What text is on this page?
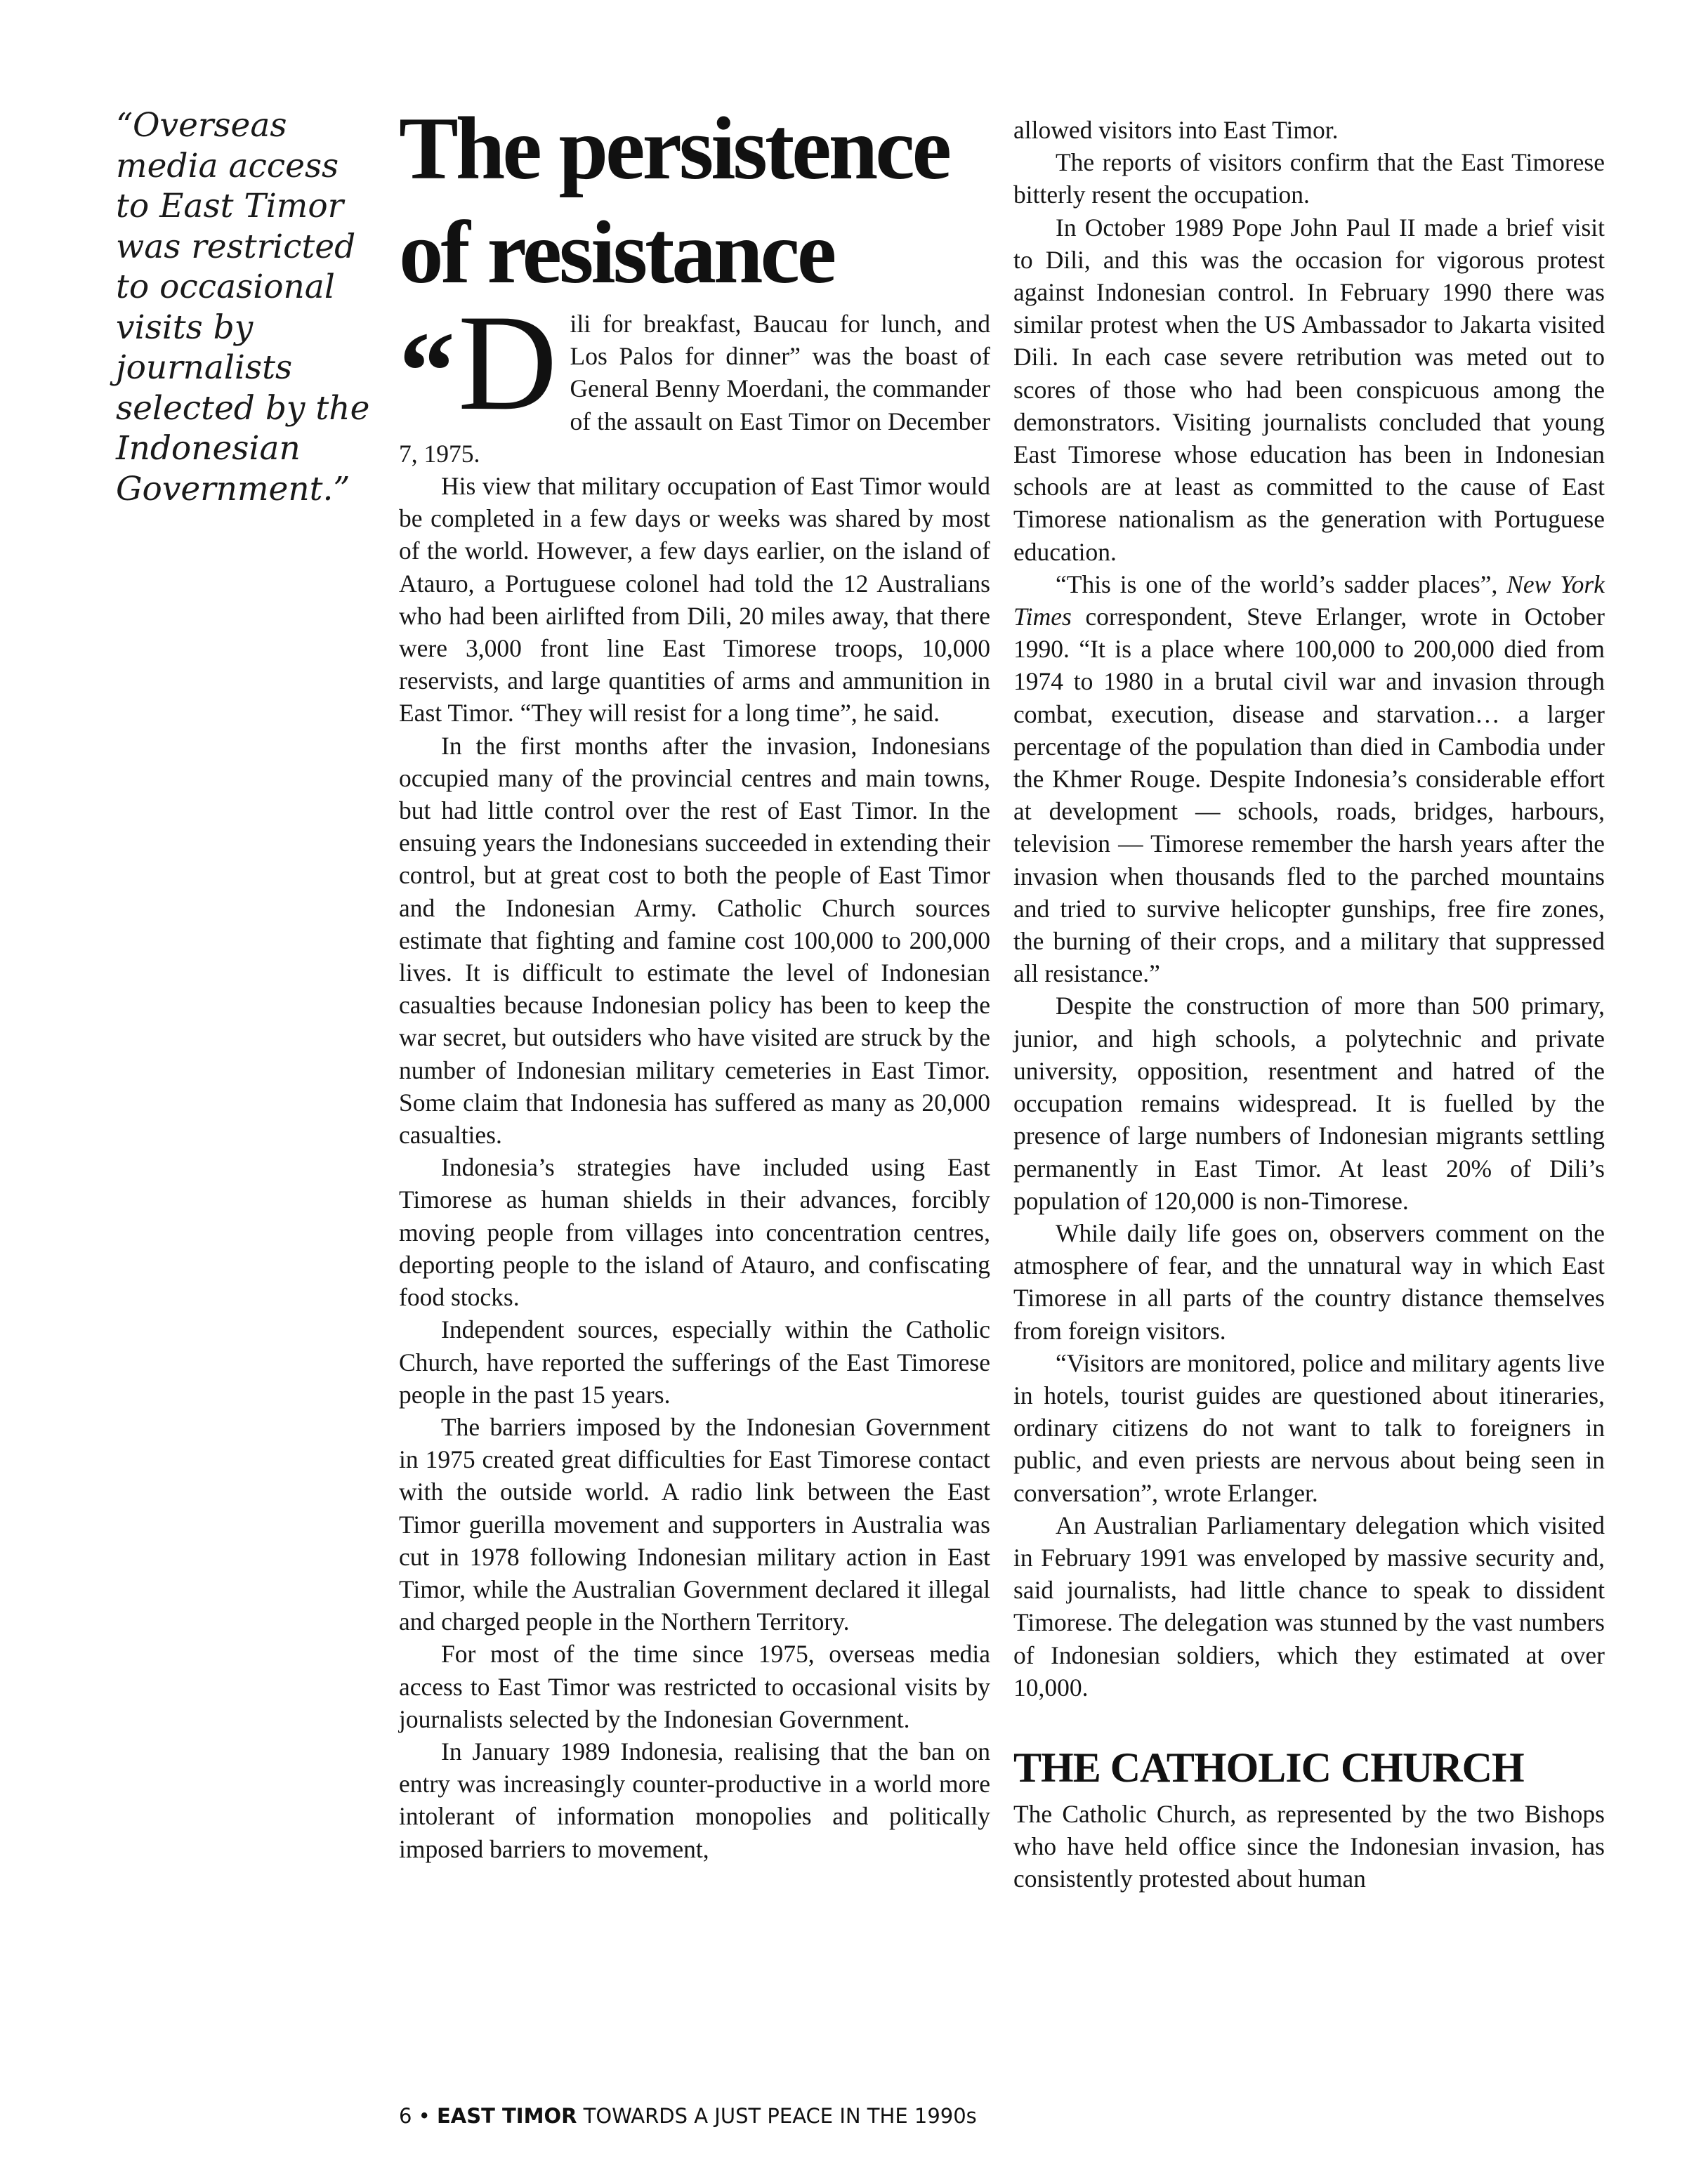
“Overseas media access to East Timor was restricted to occasional visits by journalists selected by the Indonesian Government.”

The persistence of resistance

“D ili for breakfast, Baucau for lunch, and Los Palos for dinner” was the boast of General Benny Moerdani, the commander of the assault on East Timor on December 7, 1975.

His view that military occupation of East Timor would be completed in a few days or weeks was shared by most of the world. However, a few days earlier, on the island of Atauro, a Portuguese colonel had told the 12 Australians who had been airlifted from Dili, 20 miles away, that there were 3,000 front line East Timorese troops, 10,000 reservists, and large quantities of arms and ammunition in East Timor. “They will resist for a long time”, he said.

In the first months after the invasion, Indonesians occupied many of the provincial centres and main towns, but had little control over the rest of East Timor. In the ensuing years the Indonesians succeeded in extending their control, but at great cost to both the people of East Timor and the Indonesian Army. Catholic Church sources estimate that fighting and famine cost 100,000 to 200,000 lives. It is difficult to estimate the level of Indonesian casualties because Indonesian policy has been to keep the war secret, but outsiders who have visited are struck by the number of Indonesian military cemeteries in East Timor. Some claim that Indonesia has suffered as many as 20,000 casualties.

Indonesia’s strategies have included using East Timorese as human shields in their advances, forcibly moving people from villages into concentration centres, deporting people to the island of Atauro, and confiscating food stocks.

Independent sources, especially within the Catholic Church, have reported the sufferings of the East Timorese people in the past 15 years.

The barriers imposed by the Indonesian Government in 1975 created great difficulties for East Timorese contact with the outside world. A radio link between the East Timor guerilla movement and supporters in Australia was cut in 1978 following Indonesian military action in East Timor, while the Australian Government declared it illegal and charged people in the Northern Territory.

For most of the time since 1975, overseas media access to East Timor was restricted to occasional visits by journalists selected by the Indonesian Government.

In January 1989 Indonesia, realising that the ban on entry was increasingly counter-productive in a world more intolerant of information monopolies and politically imposed barriers to movement,

allowed visitors into East Timor.

The reports of visitors confirm that the East Timorese bitterly resent the occupation.

In October 1989 Pope John Paul II made a brief visit to Dili, and this was the occasion for vigorous protest against Indonesian control. In February 1990 there was similar protest when the US Ambassador to Jakarta visited Dili. In each case severe retribution was meted out to scores of those who had been conspicuous among the demonstrators. Visiting journalists concluded that young East Timorese whose education has been in Indonesian schools are at least as committed to the cause of East Timorese nationalism as the generation with Portuguese education.

“This is one of the world’s sadder places”, New York Times correspondent, Steve Erlanger, wrote in October 1990. “It is a place where 100,000 to 200,000 died from 1974 to 1980 in a brutal civil war and invasion through combat, execution, disease and starvation… a larger percentage of the population than died in Cambodia under the Khmer Rouge. Despite Indonesia’s considerable effort at development — schools, roads, bridges, harbours, television — Timorese remember the harsh years after the invasion when thousands fled to the parched mountains and tried to survive helicopter gunships, free fire zones, the burning of their crops, and a military that suppressed all resistance.”

Despite the construction of more than 500 primary, junior, and high schools, a polytechnic and private university, opposition, resentment and hatred of the occupation remains widespread. It is fuelled by the presence of large numbers of Indonesian migrants settling permanently in East Timor. At least 20% of Dili’s population of 120,000 is non-Timorese.

While daily life goes on, observers comment on the atmosphere of fear, and the unnatural way in which East Timorese in all parts of the country distance themselves from foreign visitors.

“Visitors are monitored, police and military agents live in hotels, tourist guides are questioned about itineraries, ordinary citizens do not want to talk to foreigners in public, and even priests are nervous about being seen in conversation”, wrote Erlanger.

An Australian Parliamentary delegation which visited in February 1991 was enveloped by massive security and, said journalists, had little chance to speak to dissident Timorese. The delegation was stunned by the vast numbers of Indonesian soldiers, which they estimated at over 10,000.

THE CATHOLIC CHURCH

The Catholic Church, as represented by the two Bishops who have held office since the Indonesian invasion, has consistently protested about human

6 • EAST TIMOR TOWARDS A JUST PEACE IN THE 1990s
